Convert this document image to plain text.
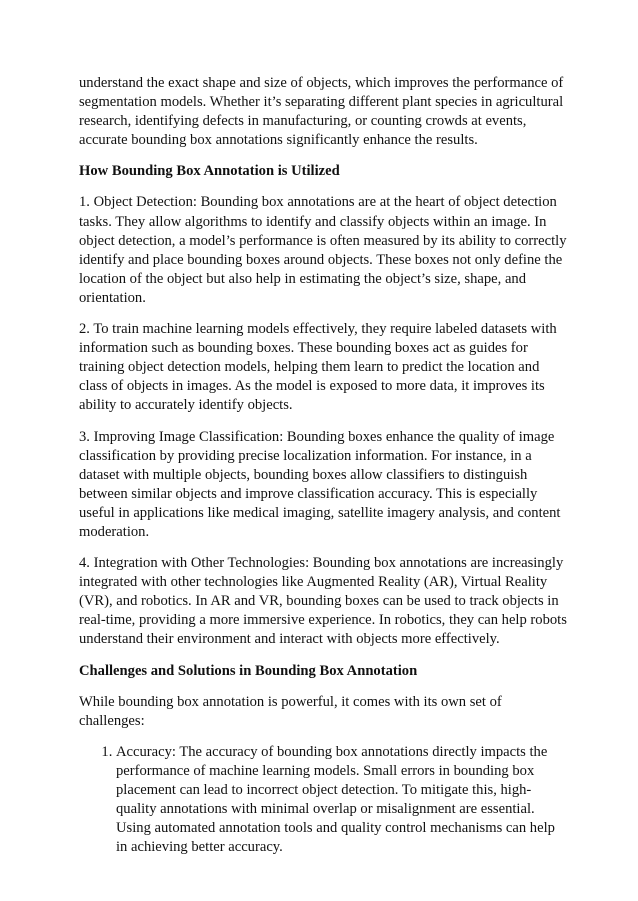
understand the exact shape and size of objects, which improves the performance of segmentation models. Whether it’s separating different plant species in agricultural research, identifying defects in manufacturing, or counting crowds at events, accurate bounding box annotations significantly enhance the results.

How Bounding Box Annotation is Utilized

1. Object Detection: Bounding box annotations are at the heart of object detection tasks. They allow algorithms to identify and classify objects within an image. In object detection, a model’s performance is often measured by its ability to correctly identify and place bounding boxes around objects. These boxes not only define the location of the object but also help in estimating the object’s size, shape, and orientation.

2. To train machine learning models effectively, they require labeled datasets with information such as bounding boxes. These bounding boxes act as guides for training object detection models, helping them learn to predict the location and class of objects in images. As the model is exposed to more data, it improves its ability to accurately identify objects.

3. Improving Image Classification: Bounding boxes enhance the quality of image classification by providing precise localization information. For instance, in a dataset with multiple objects, bounding boxes allow classifiers to distinguish between similar objects and improve classification accuracy. This is especially useful in applications like medical imaging, satellite imagery analysis, and content moderation.

4. Integration with Other Technologies: Bounding box annotations are increasingly integrated with other technologies like Augmented Reality (AR), Virtual Reality (VR), and robotics. In AR and VR, bounding boxes can be used to track objects in real-time, providing a more immersive experience. In robotics, they can help robots understand their environment and interact with objects more effectively.

Challenges and Solutions in Bounding Box Annotation

While bounding box annotation is powerful, it comes with its own set of challenges:

1. Accuracy: The accuracy of bounding box annotations directly impacts the performance of machine learning models. Small errors in bounding box placement can lead to incorrect object detection. To mitigate this, high-quality annotations with minimal overlap or misalignment are essential. Using automated annotation tools and quality control mechanisms can help in achieving better accuracy.
